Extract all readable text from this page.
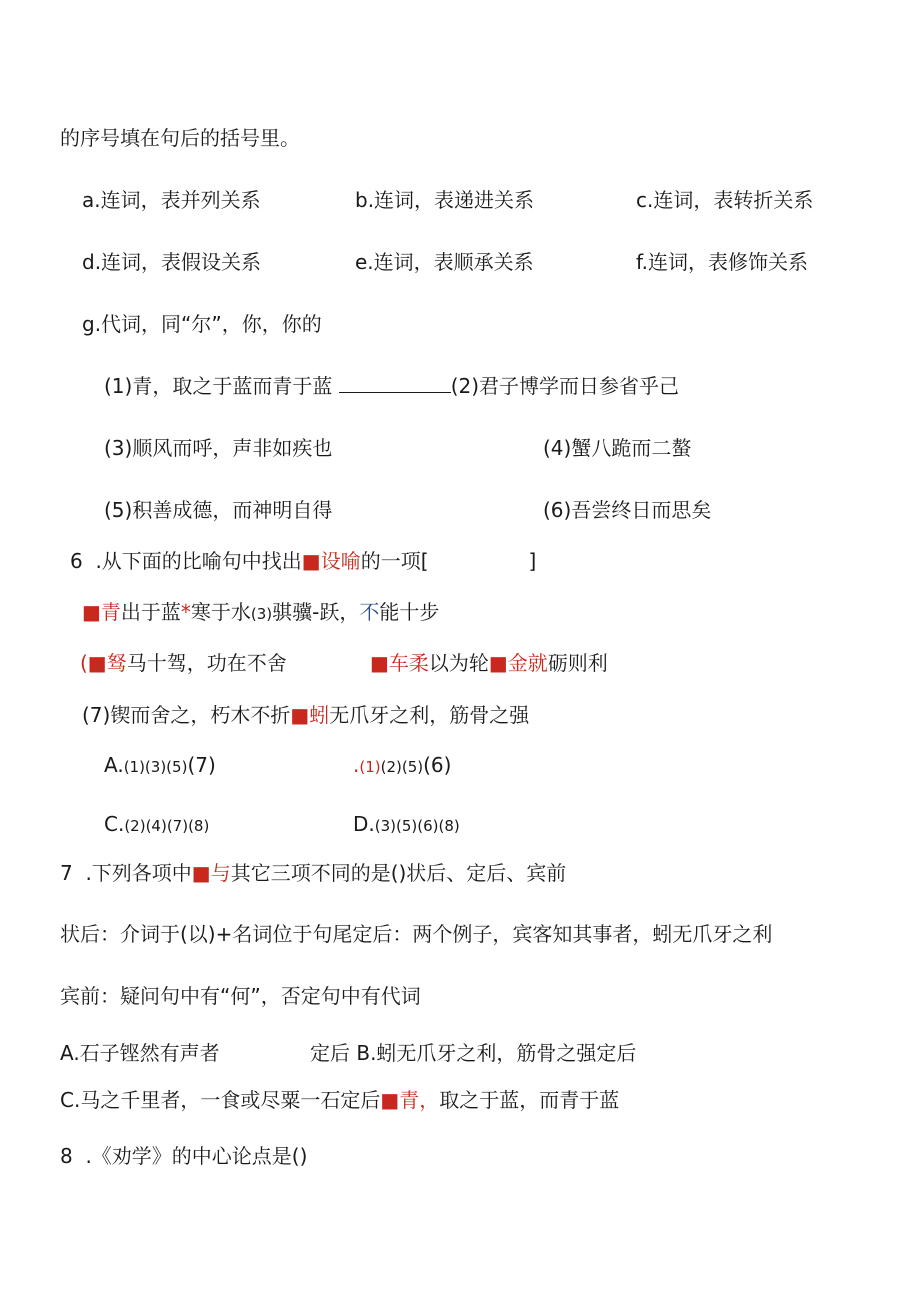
的序号填在句后的括号里。
a.连词，表并列关系	b.连词，表递进关系	c.连词，表转折关系
d.连词，表假设关系	e.连词，表顺承关系	f.连词，表修饰关系
g.代词，同“尔”，你，你的
(1)青，取之于蓝而青于蓝	(2)君子博学而日参省乎己
(3)顺风而呼，声非如疾也	(4)蟹八跪而二螯
(5)积善成德，而神明自得	(6)吾尝终日而思矣
6  .从下面的比喻句中找出■设喻的一项[	]
■青出于蓝*寒于水(3)骐骥-跃，不能十步
(■驽马十驾，功在不舍	■车柔以为轮■金就砺则利
(7)锲而舍之，朽木不折■蚓无爪牙之利，筋骨之强
A.(1)(3)(5)(7)	.(1)(2)(5)(6)
C.(2)(4)(7)(8)	D.(3)(5)(6)(8)
7  .下列各项中■与其它三项不同的是()状后、定后、宾前
状后：介词于(以)+名词位于句尾定后：两个例子，宾客知其事者，蚓无爪牙之利
宾前：疑问句中有“何”，否定句中有代词
A.石子铿然有声者	定后 B.蚓无爪牙之利，筋骨之强定后
C.马之千里者，一食或尽粟一石定后■青，取之于蓝，而青于蓝
8  .《劝学》的中心论点是()
